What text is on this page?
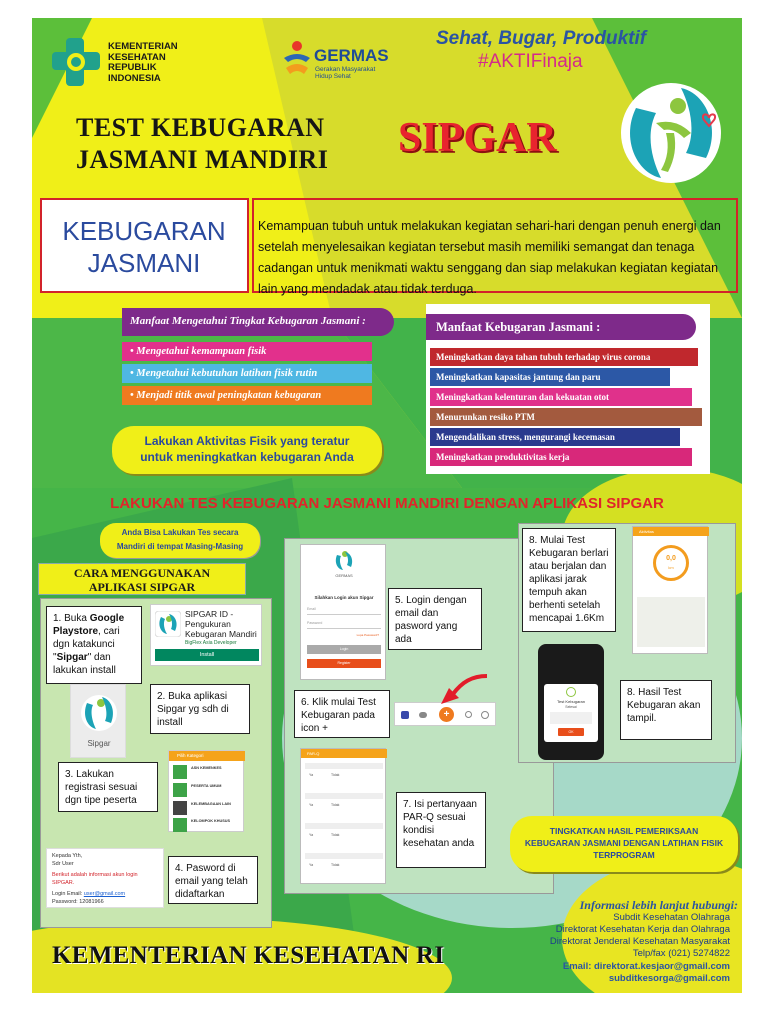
KEMENTERIAN
KESEHATAN
REPUBLIK
INDONESIA
GERMAS
Gerakan Masyarakat
Hidup Sehat
Sehat, Bugar, Produktif
#AKTIFinaja
TEST KEBUGARAN
JASMANI MANDIRI SIPGAR
KEBUGARAN
JASMANI
Kemampuan tubuh untuk melakukan kegiatan sehari-hari dengan penuh energi dan setelah menyelesaikan kegiatan tersebut masih memiliki semangat dan tenaga cadangan untuk menikmati waktu senggang dan siap melakukan kegiatan kegiatan lain yang mendadak atau tidak terduga.
Manfaat Mengetahui Tingkat Kebugaran Jasmani :
• Mengetahui kemampuan fisik
• Mengetahui kebutuhan latihan fisik rutin
• Menjadi titik awal peningkatan kebugaran
Lakukan Aktivitas Fisik yang teratur
untuk meningkatkan kebugaran Anda
Manfaat Kebugaran Jasmani :
Meningkatkan daya tahan tubuh terhadap virus corona
Meningkatkan kapasitas jantung dan paru
Meningkatkan kelenturan dan kekuatan otot
Menurunkan resiko PTM
Mengendalikan stress, mengurangi kecemasan
Meningkatkan produktivitas kerja
LAKUKAN TES KEBUGARAN JASMANI MANDIRI DENGAN APLIKASI SIPGAR
Anda Bisa Lakukan Tes secara
Mandiri di tempat Masing-Masing
CARA MENGGUNAKAN
APLIKASI SIPGAR
1. Buka Google Playstore, cari dgn katakunci "Sipgar" dan lakukan install
SIPGAR ID -
Pengukuran
Kebugaran Mandiri
BigFlex Asia Developer
Install
Sipgar
2. Buka aplikasi Sipgar yg sdh di install
Pilih Kategori
ASN KEMENKES
PESERTA UMUM
KELEMBAGAAN LAIN
KELOMPOK KHUSUS
3. Lakukan registrasi sesuai dgn tipe peserta
Kepada Yth,
Sdr User
Berikut adalah informasi akun login SIPGAR.
Login Email: user@gmail.com
Password: 12081966
4. Pasword di email yang telah didaftarkan
GERMAS
Silahkan Login akun Sipgar
Email
Password
Lupa Password?
Login
Register
5. Login dengan email dan pasword yang ada
6. Klik mulai Test Kebugaran pada icon +
+
PAR-Q
Ya	Tidak
Ya	Tidak
Ya	Tidak
Ya	Tidak
7. Isi pertanyaan PAR-Q sesuai kondisi kesehatan anda
8. Mulai Test Kebugaran berlari atau berjalan dan aplikasi jarak tempuh akan berhenti setelah mencapai 1.6Km
Aktivitas
0,0
km
Test Kebugaran
Selesai
OK
8. Hasil Test Kebugaran akan tampil.
TINGKATKAN HASIL PEMERIKSAAN
KEBUGARAN JASMANI DENGAN LATIHAN FISIK
TERPROGRAM
Informasi lebih lanjut hubungi:
Subdit Kesehatan Olahraga
Direktorat Kesehatan Kerja dan Olahraga
Direktorat Jenderal Kesehatan Masyarakat
Telp/fax (021) 5274822
Email: direktorat.kesjaor@gmail.com
subditkesorga@gmail.com
KEMENTERIAN KESEHATAN RI
